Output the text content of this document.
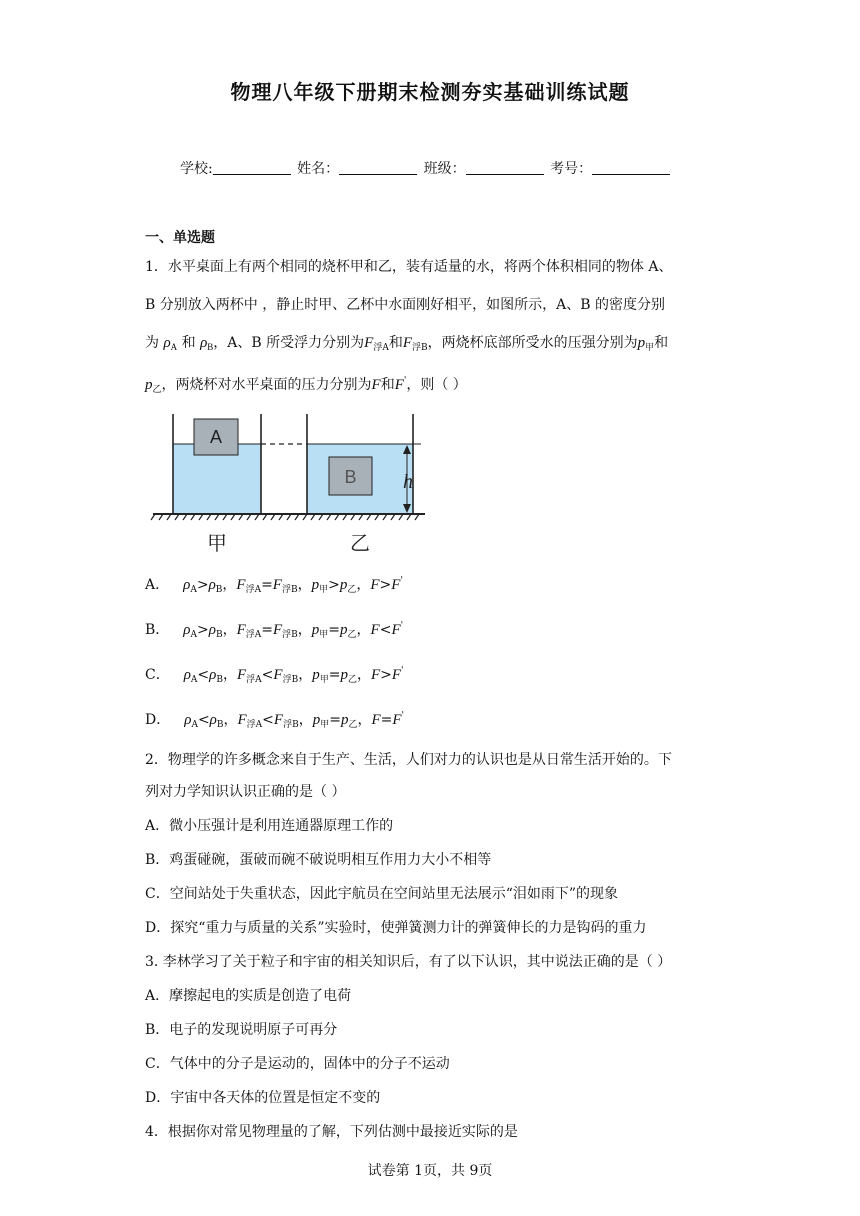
物理八年级下册期末检测夯实基础训练试题
学校:	姓名：	班级：	考号：
一、单选题
1．水平桌面上有两个相同的烧杯甲和乙，装有适量的水，将两个体积相同的物体 A、
B 分别放入两杯中 ，静止时甲、乙杯中水面刚好相平，如图所示，A、B 的密度分别
为 $\rho_A$ 和 $\rho_B$，A、B 所受浮力分别为$F_{浮A}$和$F_{浮B}$，两烧杯底部所受水的压强分别为$p_甲$和
$p_乙$，两烧杯对水平桌面的压力分别为F和F'，则（ ）
A
B h
甲	乙
A． $\rho_A>\rho_B$，$F_{浮A}=F_{浮B}$，$p_甲>p_乙$，F>F'
B． $\rho_A>\rho_B$，$F_{浮A}=F_{浮B}$，$p_甲=p_乙$，F<F'
C． $\rho_A<\rho_B$，$F_{浮A}<F_{浮B}$，$p_甲=p_乙$，F>F'
D． $\rho_A<\rho_B$，$F_{浮A}<F_{浮B}$，$p_甲=p_乙$，F=F'
2．物理学的许多概念来自于生产、生活，人们对力的认识也是从日常生活开始的。下
列对力学知识认识正确的是（ ）
A．微小压强计是利用连通器原理工作的
B．鸡蛋碰碗，蛋破而碗不破说明相互作用力大小不相等
C．空间站处于失重状态，因此宇航员在空间站里无法展示“泪如雨下”的现象
D．探究“重力与质量的关系”实验时，使弹簧测力计的弹簧伸长的力是钩码的重力
3. 李林学习了关于粒子和宇宙的相关知识后，有了以下认识，其中说法正确的是（ ）
A．摩擦起电的实质是创造了电荷
B．电子的发现说明原子可再分
C．气体中的分子是运动的，固体中的分子不运动
D．宇宙中各天体的位置是恒定不变的
4．根据你对常见物理量的了解，下列估测中最接近实际的是
试卷第 1页，共 9页
